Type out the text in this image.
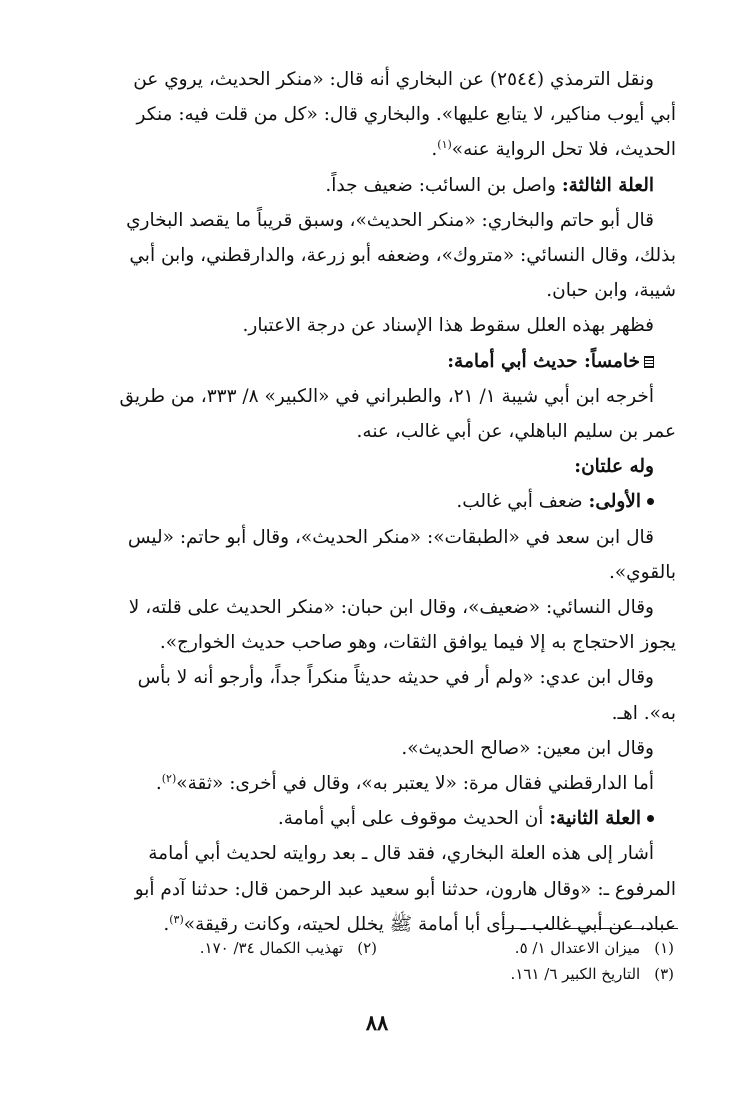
ونقل الترمذي (٢٥٤٤) عن البخاري أنه قال: «منكر الحديث، يروي عن

أبي أيوب مناكير، لا يتابع عليها». والبخاري قال: «كل من قلت فيه: منكر

الحديث، فلا تحل الرواية عنه»$^{(١)}$.

العلة الثالثة: واصل بن السائب: ضعيف جداً.

قال أبو حاتم والبخاري: «منكر الحديث»، وسبق قريباً ما يقصد البخاري

بذلك، وقال النسائي: «متروك»، وضعفه أبو زرعة، والدارقطني، وابن أبي

شيبة، وابن حبان.

فظهر بهذه العلل سقوط هذا الإسناد عن درجة الاعتبار.

خامساً: حديث أبي أمامة:

أخرجه ابن أبي شيبة ١/ ٢١، والطبراني في «الكبير» ٨/ ٣٣٣، من طريق

عمر بن سليم الباهلي، عن أبي غالب، عنه.

وله علتان:

الأولى: ضعف أبي غالب.

قال ابن سعد في «الطبقات»: «منكر الحديث»، وقال أبو حاتم: «ليس

بالقوي».

وقال النسائي: «ضعيف»، وقال ابن حبان: «منكر الحديث على قلته، لا

يجوز الاحتجاج به إلا فيما يوافق الثقات، وهو صاحب حديث الخوارج».

وقال ابن عدي: «ولم أر في حديثه حديثاً منكراً جداً، وأرجو أنه لا بأس

به». اهـ.

وقال ابن معين: «صالح الحديث».

أما الدارقطني فقال مرة: «لا يعتبر به»، وقال في أخرى: «ثقة»$^{(٢)}$.

العلة الثانية: أن الحديث موقوف على أبي أمامة.

أشار إلى هذه العلة البخاري، فقد قال ـ بعد روايته لحديث أبي أمامة

المرفوع ـ: «وقال هارون، حدثنا أبو سعيد عبد الرحمن قال: حدثنا آدم أبو

عباد، عن أبي غالب ـ رأى أبا أمامة ﷺ يخلل لحيته، وكانت رقيقة»$^{(٣)}$.

(١)ميزان الاعتدال ١/ ٥.
(٢)تهذيب الكمال ٣٤/ ١٧٠.
(٣)التاريخ الكبير ٦/ ١٦١.
٨٨
